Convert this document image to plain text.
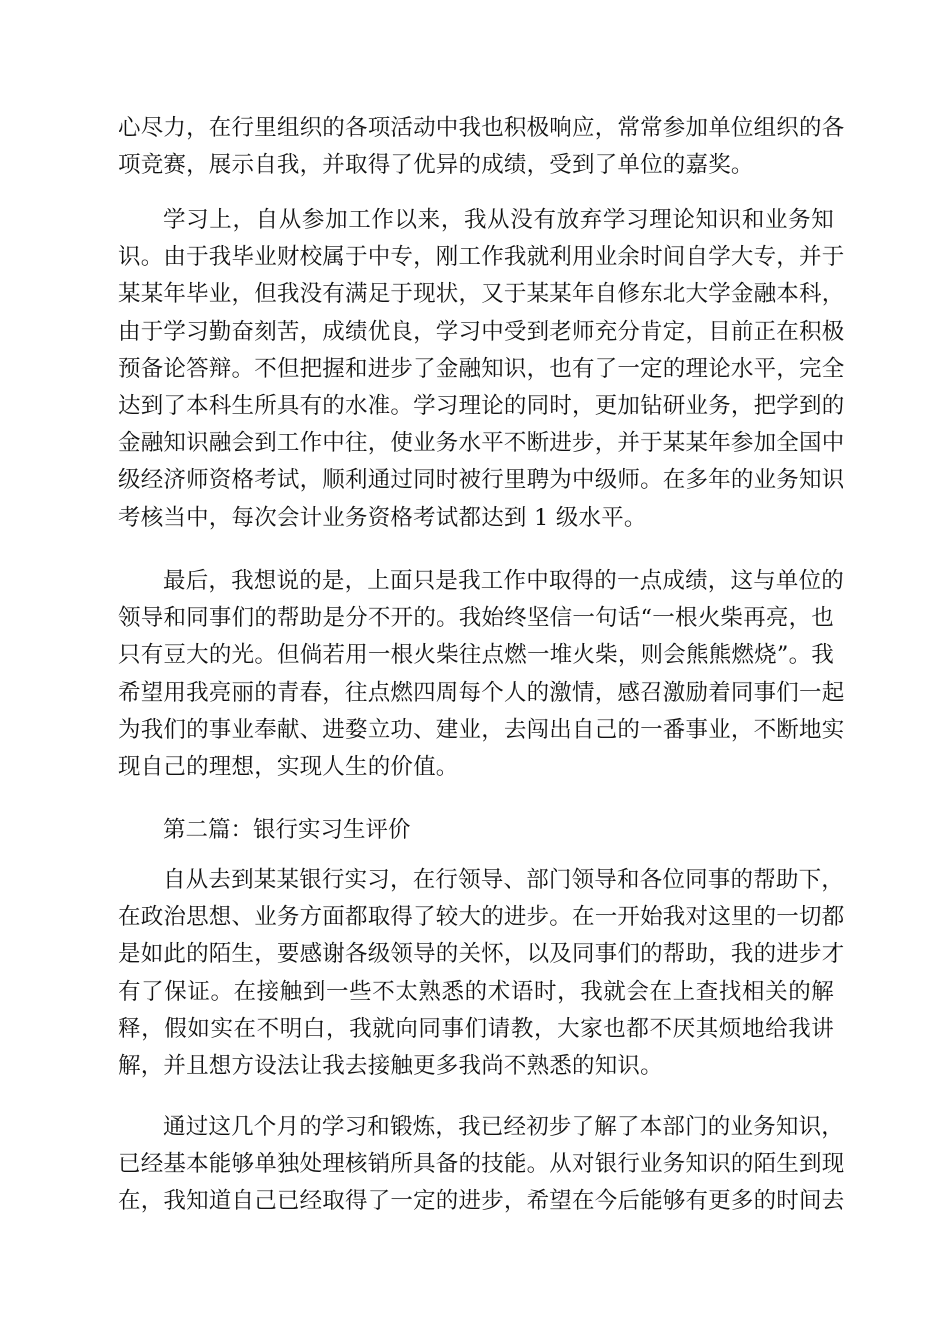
心尽力，在行里组织的各项活动中我也积极响应，常常参加单位组织的各
项竞赛，展示自我，并取得了优异的成绩，受到了单位的嘉奖。
学习上，自从参加工作以来，我从没有放弃学习理论知识和业务知
识。由于我毕业财校属于中专，刚工作我就利用业余时间自学大专，并于
某某年毕业，但我没有满足于现状，又于某某年自修东北大学金融本科，
由于学习勤奋刻苦，成绩优良，学习中受到老师充分肯定，目前正在积极
预备论答辩。不但把握和进步了金融知识，也有了一定的理论水平，完全
达到了本科生所具有的水准。学习理论的同时，更加钻研业务，把学到的
金融知识融会到工作中往，使业务水平不断进步，并于某某年参加全国中
级经济师资格考试，顺利通过同时被行里聘为中级师。在多年的业务知识
考核当中，每次会计业务资格考试都达到 1 级水平。
最后，我想说的是，上面只是我工作中取得的一点成绩，这与单位的
领导和同事们的帮助是分不开的。我始终坚信一句话“一根火柴再亮，也
只有豆大的光。但倘若用一根火柴往点燃一堆火柴，则会熊熊燃烧”。我
希望用我亮丽的青春，往点燃四周每个人的激情，感召激励着同事们一起
为我们的事业奉献、进婺立功、建业，去闯出自己的一番事业，不断地实
现自己的理想，实现人生的价值。
第二篇：银行实习生评价
自从去到某某银行实习，在行领导、部门领导和各位同事的帮助下，
在政治思想、业务方面都取得了较大的进步。在一开始我对这里的一切都
是如此的陌生，要感谢各级领导的关怀，以及同事们的帮助，我的进步才
有了保证。在接触到一些不太熟悉的术语时，我就会在上查找相关的解
释，假如实在不明白，我就向同事们请教，大家也都不厌其烦地给我讲
解，并且想方设法让我去接触更多我尚不熟悉的知识。
通过这几个月的学习和锻炼，我已经初步了解了本部门的业务知识，
已经基本能够单独处理核销所具备的技能。从对银行业务知识的陌生到现
在，我知道自己已经取得了一定的进步，希望在今后能够有更多的时间去
